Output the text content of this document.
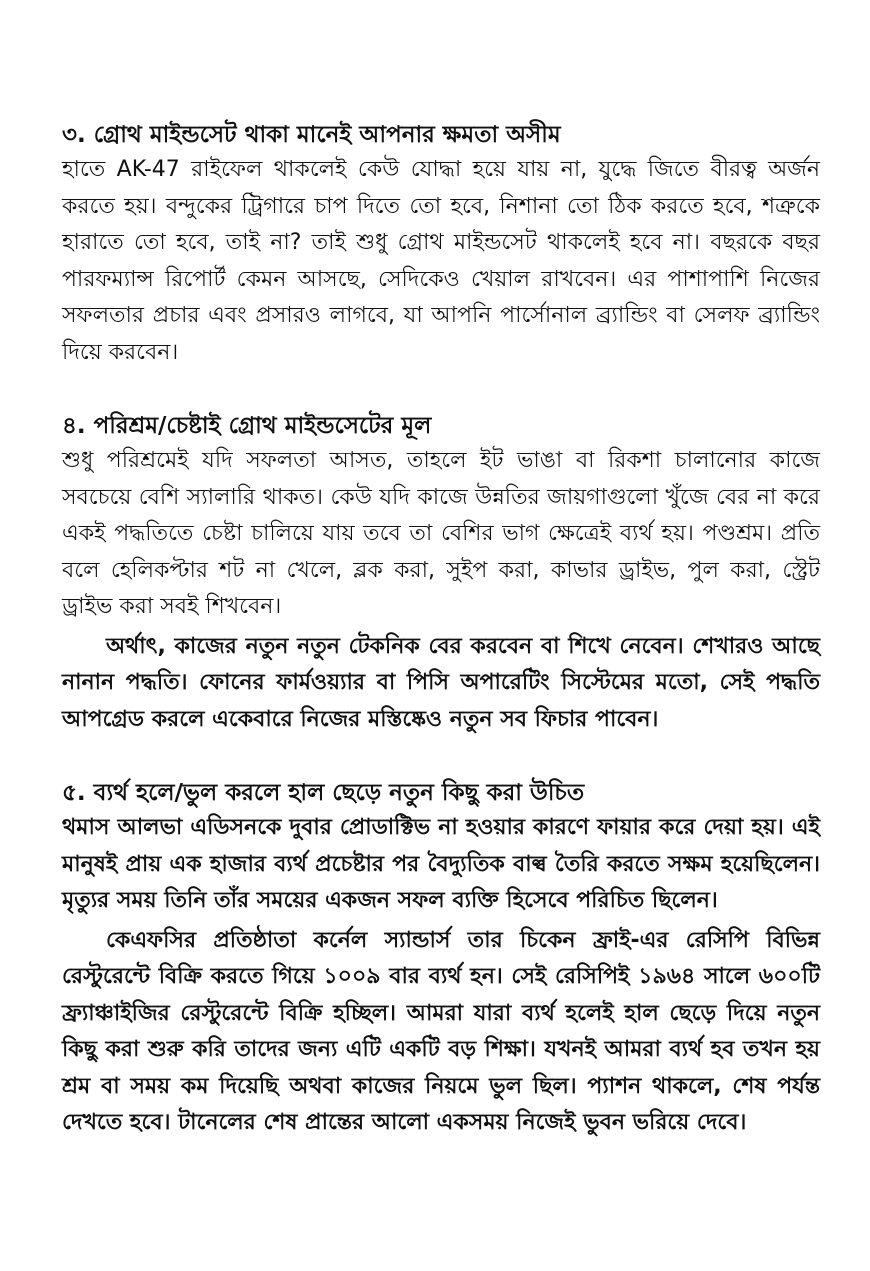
৩. গ্রোথ মাইন্ডসেট থাকা মানেই আপনার ক্ষমতা অসীম

হাতে AK-47 রাইফেল থাকলেই কেউ যোদ্ধা হয়ে যায় না, যুদ্ধে জিতে বীরত্ব অর্জন করতে হয়। বন্দুকের ট্রিগারে চাপ দিতে তো হবে, নিশানা তো ঠিক করতে হবে, শত্রুকে হারাতে তো হবে, তাই না? তাই শুধু গ্রোথ মাইন্ডসেট থাকলেই হবে না। বছরকে বছর পারফম্যান্স রিপোর্ট কেমন আসছে, সেদিকেও খেয়াল রাখবেন। এর পাশাপাশি নিজের সফলতার প্রচার এবং প্রসারও লাগবে, যা আপনি পার্সোনাল ব্র্যান্ডিং বা সেলফ ব্র্যান্ডিং দিয়ে করবেন।

৪. পরিশ্রম/চেষ্টাই গ্রোথ মাইন্ডসেটের মূল

শুধু পরিশ্রমেই যদি সফলতা আসত, তাহলে ইট ভাঙা বা রিকশা চালানোর কাজে সবচেয়ে বেশি স্যালারি থাকত। কেউ যদি কাজে উন্নতির জায়গাগুলো খুঁজে বের না করে একই পদ্ধতিতে চেষ্টা চালিয়ে যায় তবে তা বেশির ভাগ ক্ষেত্রেই ব্যর্থ হয়। পণ্ডশ্রম। প্রতি বলে হেলিকপ্টার শট না খেলে, ব্লক করা, সুইপ করা, কাভার ড্রাইভ, পুল করা, স্ট্রেট ড্রাইভ করা সবই শিখবেন।

অর্থাৎ, কাজের নতুন নতুন টেকনিক বের করবেন বা শিখে নেবেন। শেখারও আছে নানান পদ্ধতি। ফোনের ফার্মওয়্যার বা পিসি অপারেটিং সিস্টেমের মতো, সেই পদ্ধতি আপগ্রেড করলে একেবারে নিজের মস্তিষ্কেও নতুন সব ফিচার পাবেন।

৫. ব্যর্থ হলে/ভুল করলে হাল ছেড়ে নতুন কিছু করা উচিত

থমাস আলভা এডিসনকে দুবার প্রোডাক্টিভ না হওয়ার কারণে ফায়ার করে দেয়া হয়। এই মানুষই প্রায় এক হাজার ব্যর্থ প্রচেষ্টার পর বৈদ্যুতিক বাল্ব তৈরি করতে সক্ষম হয়েছিলেন। মৃত্যুর সময় তিনি তাঁর সময়ের একজন সফল ব্যক্তি হিসেবে পরিচিত ছিলেন।

কেএফসির প্রতিষ্ঠাতা কর্নেল স্যান্ডার্স তার চিকেন ফ্রাই-এর রেসিপি বিভিন্ন রেস্টুরেন্টে বিক্রি করতে গিয়ে ১০০৯ বার ব্যর্থ হন। সেই রেসিপিই ১৯৬৪ সালে ৬০০টি ফ্র্যাঞ্চাইজির রেস্টুরেন্টে বিক্রি হচ্ছিল। আমরা যারা ব্যর্থ হলেই হাল ছেড়ে দিয়ে নতুন কিছু করা শুরু করি তাদের জন্য এটি একটি বড় শিক্ষা। যখনই আমরা ব্যর্থ হব তখন হয় শ্রম বা সময় কম দিয়েছি অথবা কাজের নিয়মে ভুল ছিল। প্যাশন থাকলে, শেষ পর্যন্ত দেখতে হবে। টানেলের শেষ প্রান্তের আলো একসময় নিজেই ভুবন ভরিয়ে দেবে।
